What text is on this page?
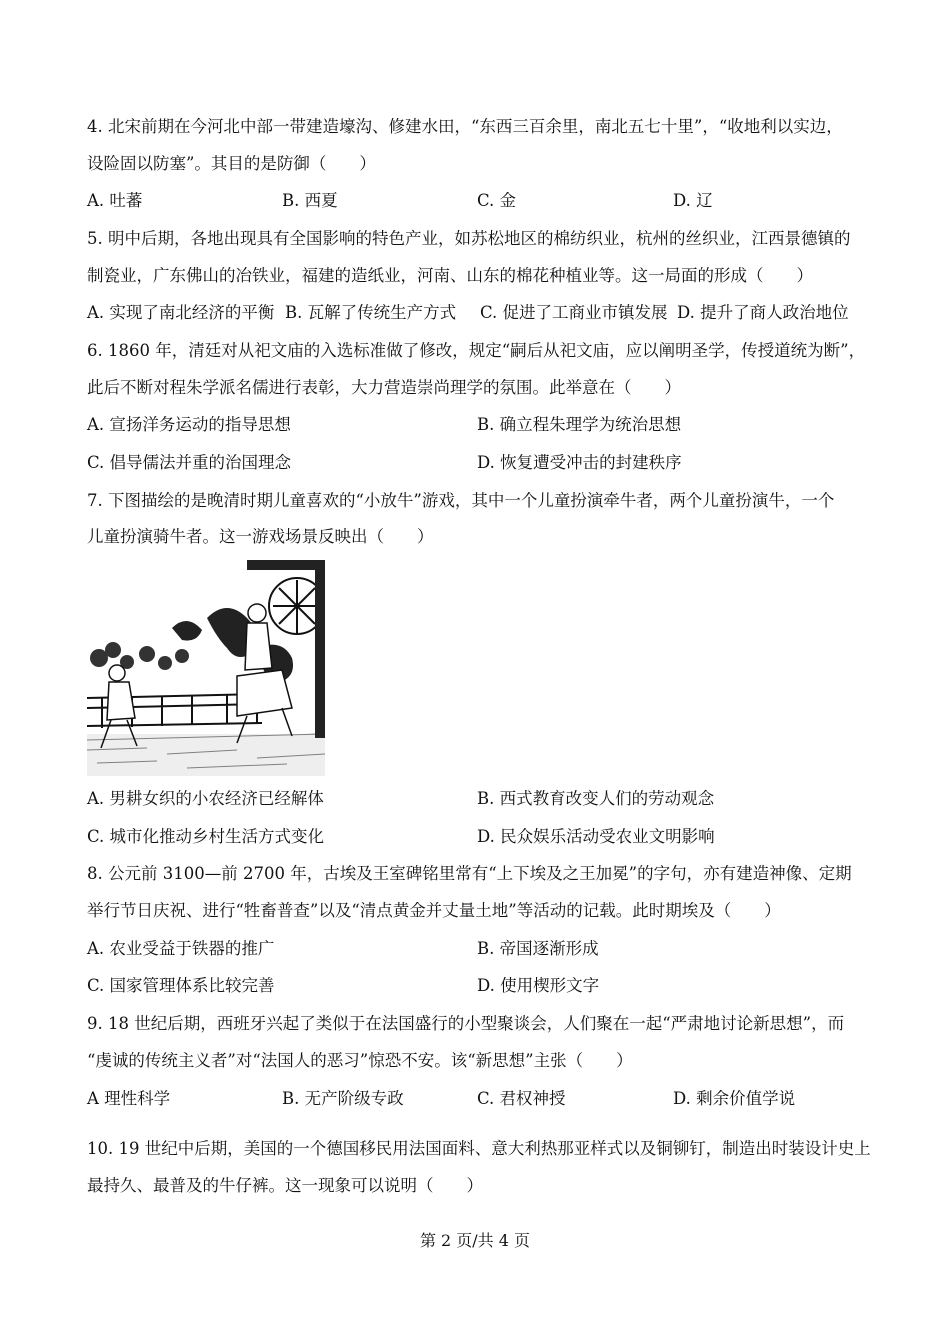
4. 北宋前期在今河北中部一带建造壕沟、修建水田，“东西三百余里，南北五七十里”，“收地利以实边，
设险固以防塞”。其目的是防御（　　）
A. 吐蕃	B. 西夏	C. 金	D. 辽
5. 明中后期，各地出现具有全国影响的特色产业，如苏松地区的棉纺织业，杭州的丝织业，江西景德镇的
制瓷业，广东佛山的冶铁业，福建的造纸业，河南、山东的棉花种植业等。这一局面的形成（　　）
A. 实现了南北经济的平衡 B. 瓦解了传统生产方式 C. 促进了工商业市镇发展 D. 提升了商人政治地位
6. 1860 年，清廷对从祀文庙的入选标准做了修改，规定“嗣后从祀文庙，应以阐明圣学，传授道统为断”，
此后不断对程朱学派名儒进行表彰，大力营造崇尚理学的氛围。此举意在（　　）
A. 宣扬洋务运动的指导思想	B. 确立程朱理学为统治思想
C. 倡导儒法并重的治国理念	D. 恢复遭受冲击的封建秩序
7. 下图描绘的是晚清时期儿童喜欢的“小放牛”游戏，其中一个儿童扮演牵牛者，两个儿童扮演牛，一个
儿童扮演骑牛者。这一游戏场景反映出（　　）
A. 男耕女织的小农经济已经解体	B. 西式教育改变人们的劳动观念
C. 城市化推动乡村生活方式变化	D. 民众娱乐活动受农业文明影响
8. 公元前 3100—前 2700 年，古埃及王室碑铭里常有“上下埃及之王加冕”的字句，亦有建造神像、定期
举行节日庆祝、进行“牲畜普查”以及“清点黄金并丈量土地”等活动的记载。此时期埃及（　　）
A. 农业受益于铁器的推广	B. 帝国逐渐形成
C. 国家管理体系比较完善	D. 使用楔形文字
9. 18 世纪后期，西班牙兴起了类似于在法国盛行的小型聚谈会，人们聚在一起“严肃地讨论新思想”，而
“虔诚的传统主义者”对“法国人的恶习”惊恐不安。该“新思想”主张（　　）
A 理性科学	B. 无产阶级专政	C. 君权神授	D. 剩余价值学说
10. 19 世纪中后期，美国的一个德国移民用法国面料、意大利热那亚样式以及铜铆钉，制造出时装设计史上
最持久、最普及的牛仔裤。这一现象可以说明（　　）
第 2 页/共 4 页
